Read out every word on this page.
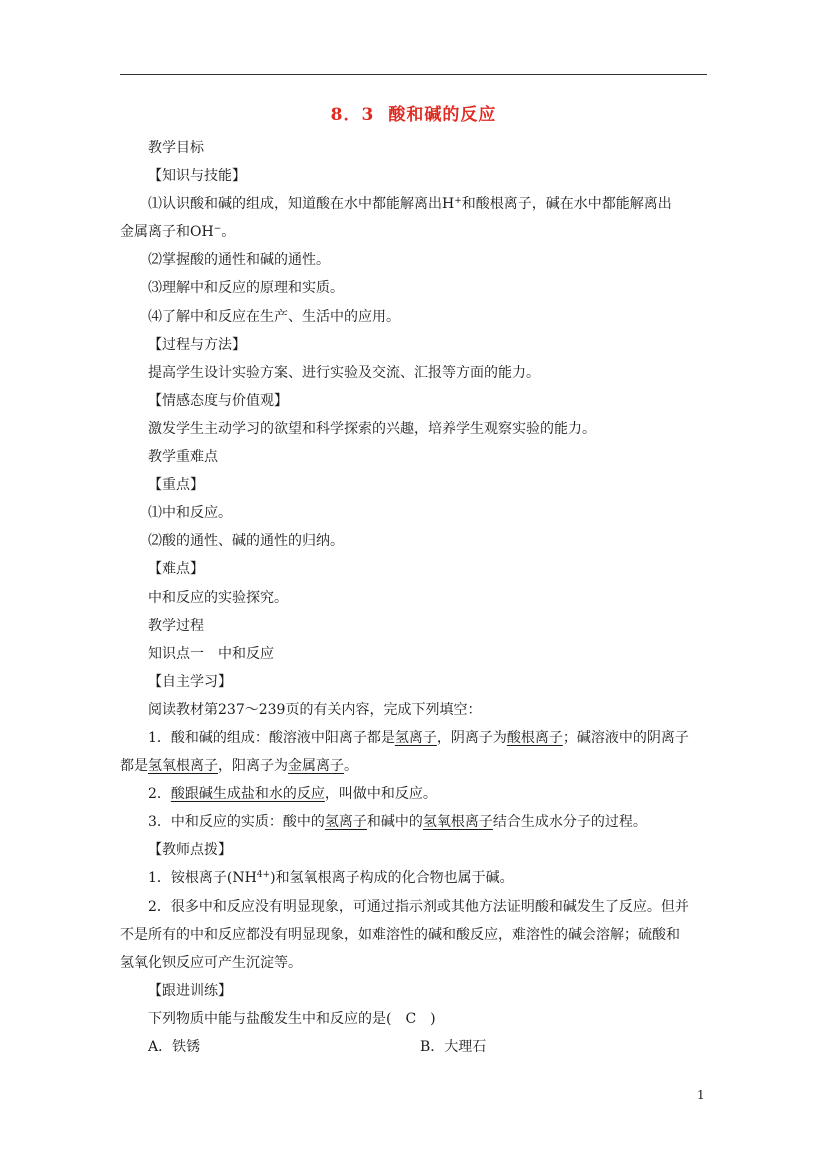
8．3 酸和碱的反应
教学目标
【知识与技能】
⑴认识酸和碱的组成，知道酸在水中都能解离出H+和酸根离子，碱在水中都能解离出
金属离子和OH−。
⑵掌握酸的通性和碱的通性。
⑶理解中和反应的原理和实质。
⑷了解中和反应在生产、生活中的应用。
【过程与方法】
提高学生设计实验方案、进行实验及交流、汇报等方面的能力。
【情感态度与价值观】
激发学生主动学习的欲望和科学探索的兴趣，培养学生观察实验的能力。
教学重难点
【重点】
⑴中和反应。
⑵酸的通性、碱的通性的归纳。
【难点】
中和反应的实验探究。
教学过程
知识点一　中和反应
【自主学习】
阅读教材第237～239页的有关内容，完成下列填空：
1．酸和碱的组成：酸溶液中阳离子都是氢离子，阴离子为酸根离子；碱溶液中的阴离子
都是氢氧根离子，阳离子为金属离子。
2．酸跟碱生成盐和水的反应，叫做中和反应。
3．中和反应的实质：酸中的氢离子和碱中的氢氧根离子结合生成水分子的过程。
【教师点拨】
1．铵根离子$(NH^{4+})$和氢氧根离子构成的化合物也属于碱。
2．很多中和反应没有明显现象，可通过指示剂或其他方法证明酸和碱发生了反应。但并
不是所有的中和反应都没有明显现象，如难溶性的碱和酸反应，难溶性的碱会溶解；硫酸和
氢氧化钡反应可产生沉淀等。
【跟进训练】
下列物质中能与盐酸发生中和反应的是(　C　)
A．铁锈	B．大理石
1
